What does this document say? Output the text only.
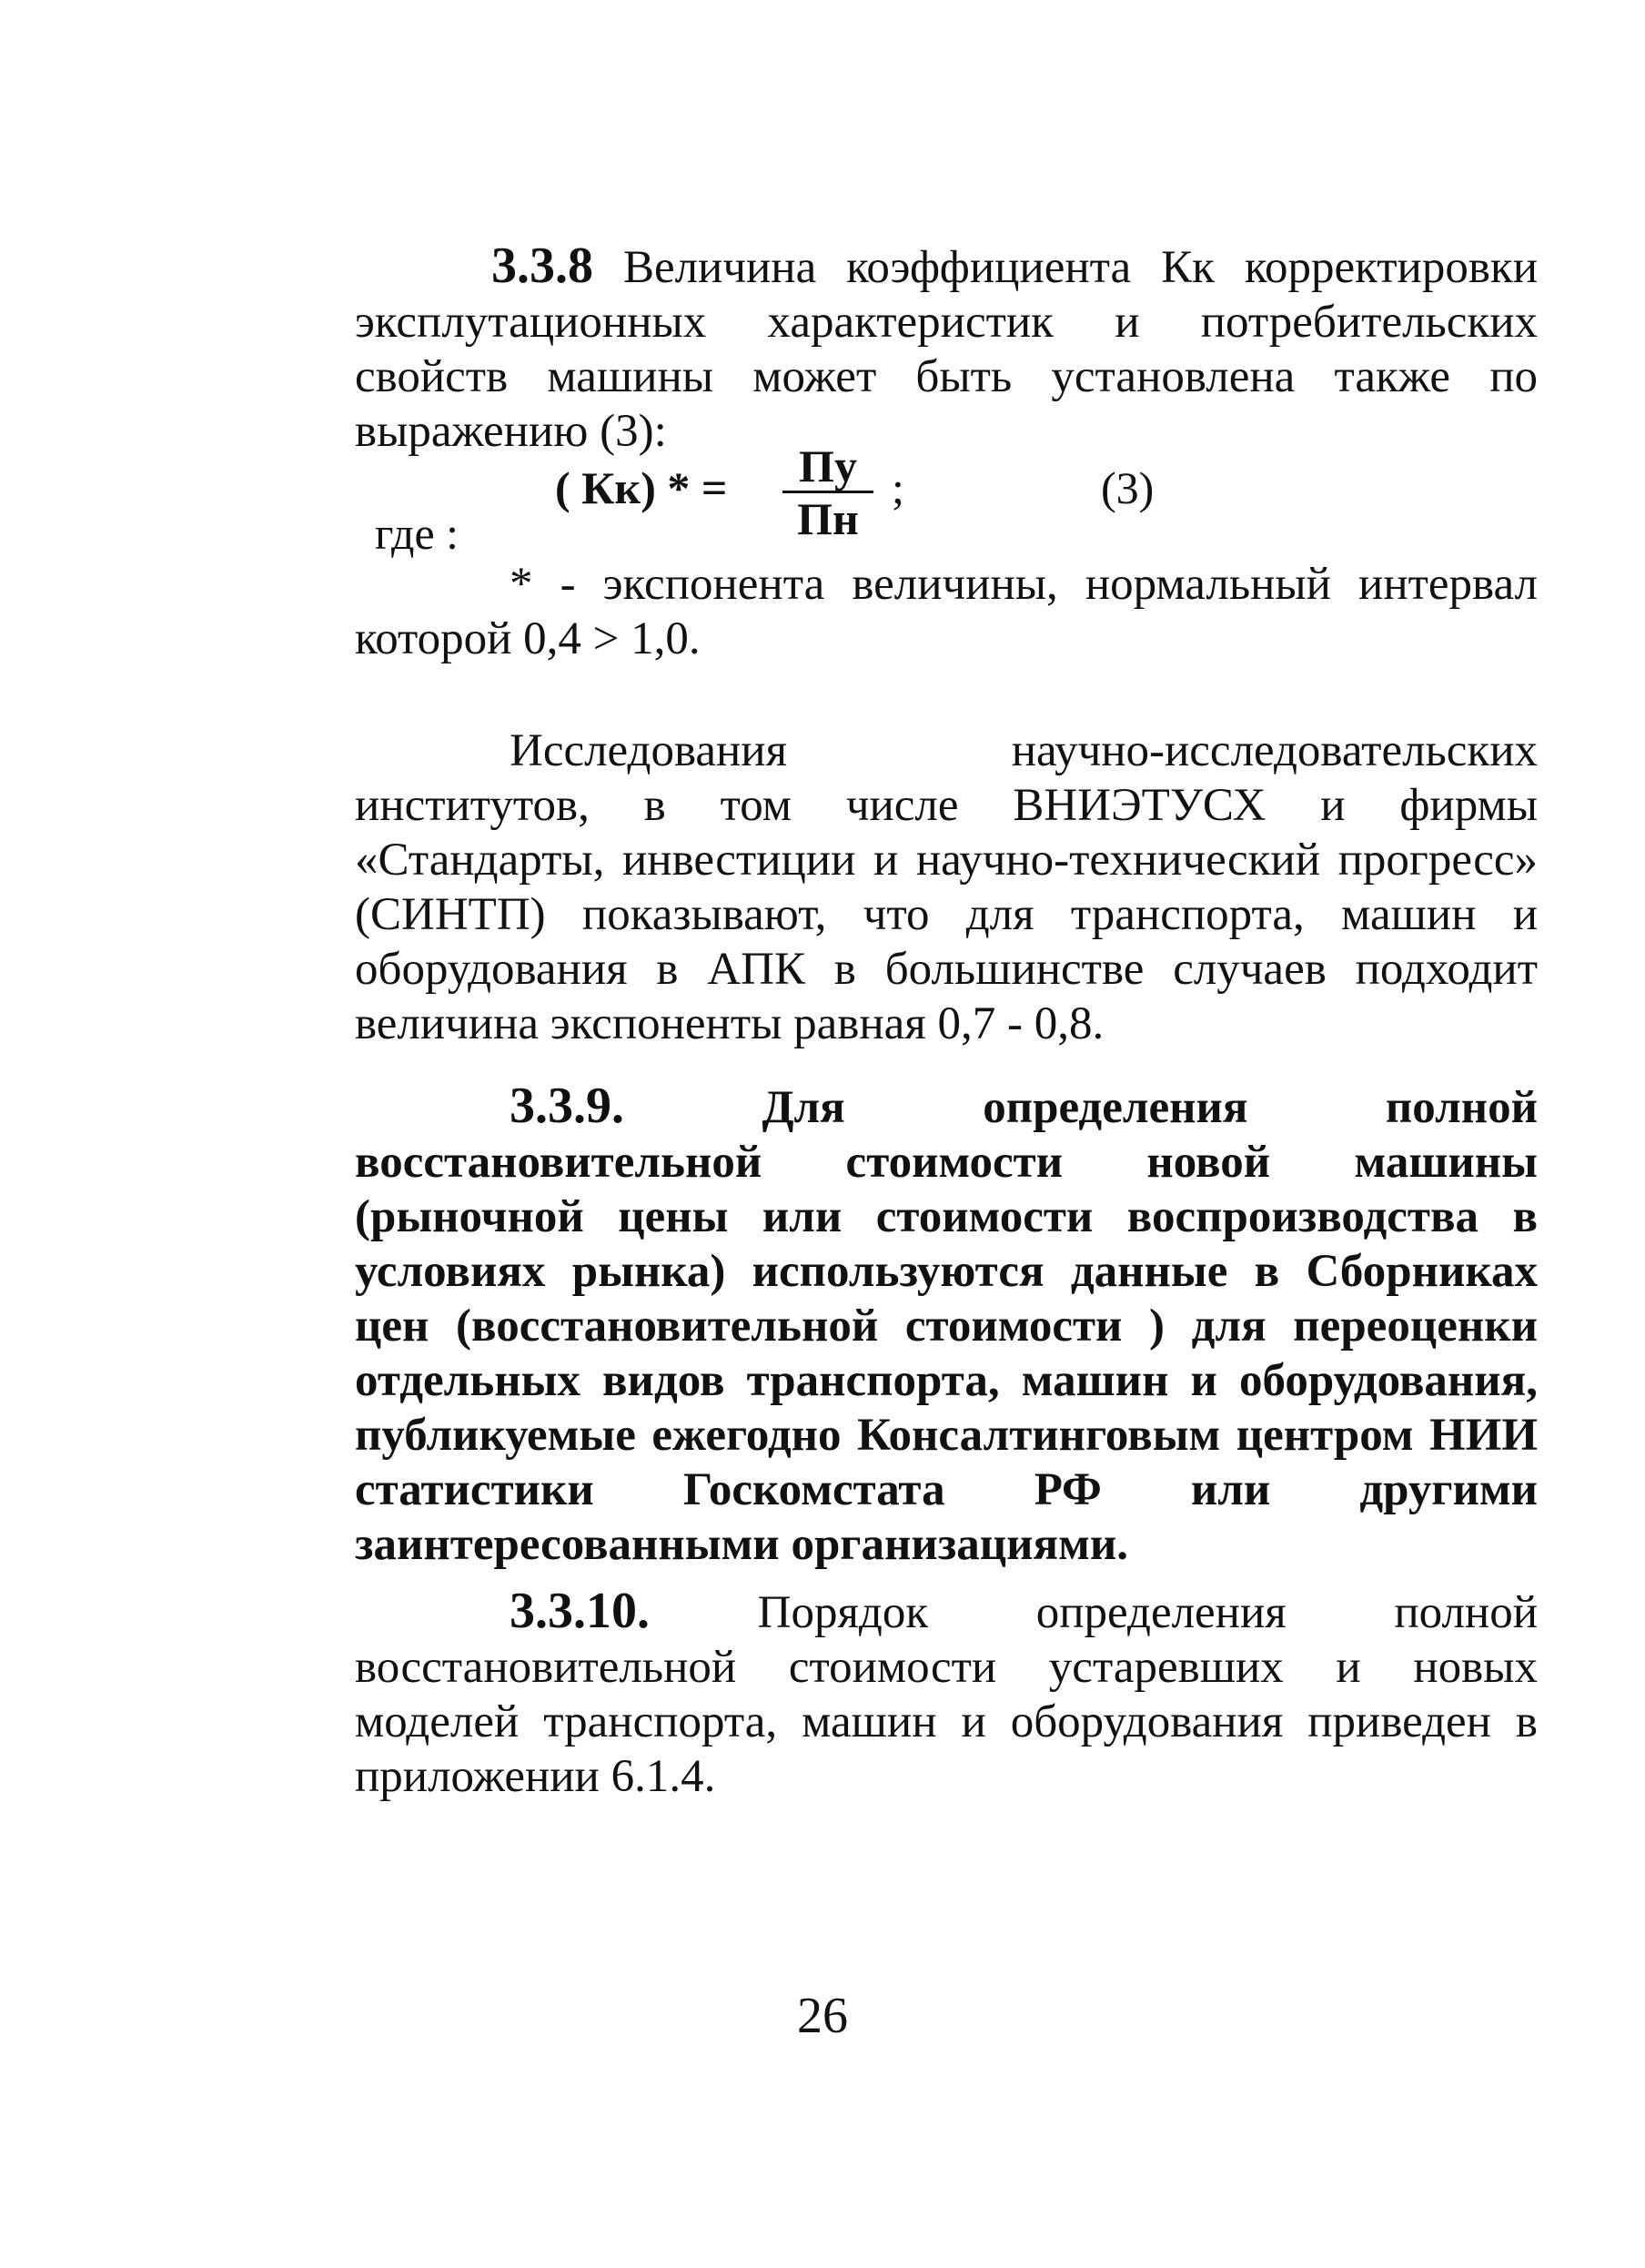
3.3.8 Величина коэффициента Кк корректировки эксплутационных характеристик и потребительских свойств машины может быть установлена также по выражению (3):

( Кк) * =	Пу
Пн
;	(3)
где :

* - экспонента величины, нормальный интервал которой 0,4 > 1,0.

Исследования научно-исследовательских институтов, в том числе ВНИЭТУСХ и фирмы «Стандарты, инвестиции и научно-технический прогресс» (СИНТП) показывают, что для транспорта, машин и оборудования в АПК в большинстве случаев подходит величина экспоненты равная 0,7 - 0,8.

3.3.9.	Для определения полной восстановительной стоимости новой машины (рыночной цены или стоимости воспроизводства в условиях рынка) используются данные в Сборниках цен (восстановительной стоимости ) для переоценки отдельных видов транспорта, машин и оборудования, публикуемые ежегодно Консалтинговым центром НИИ статистики Госкомстата РФ или другими заинтересованными организациями.

3.3.10. Порядок определения полной восстановительной стоимости устаревших и новых моделей транспорта, машин и оборудования приведен в приложении 6.1.4.

26
